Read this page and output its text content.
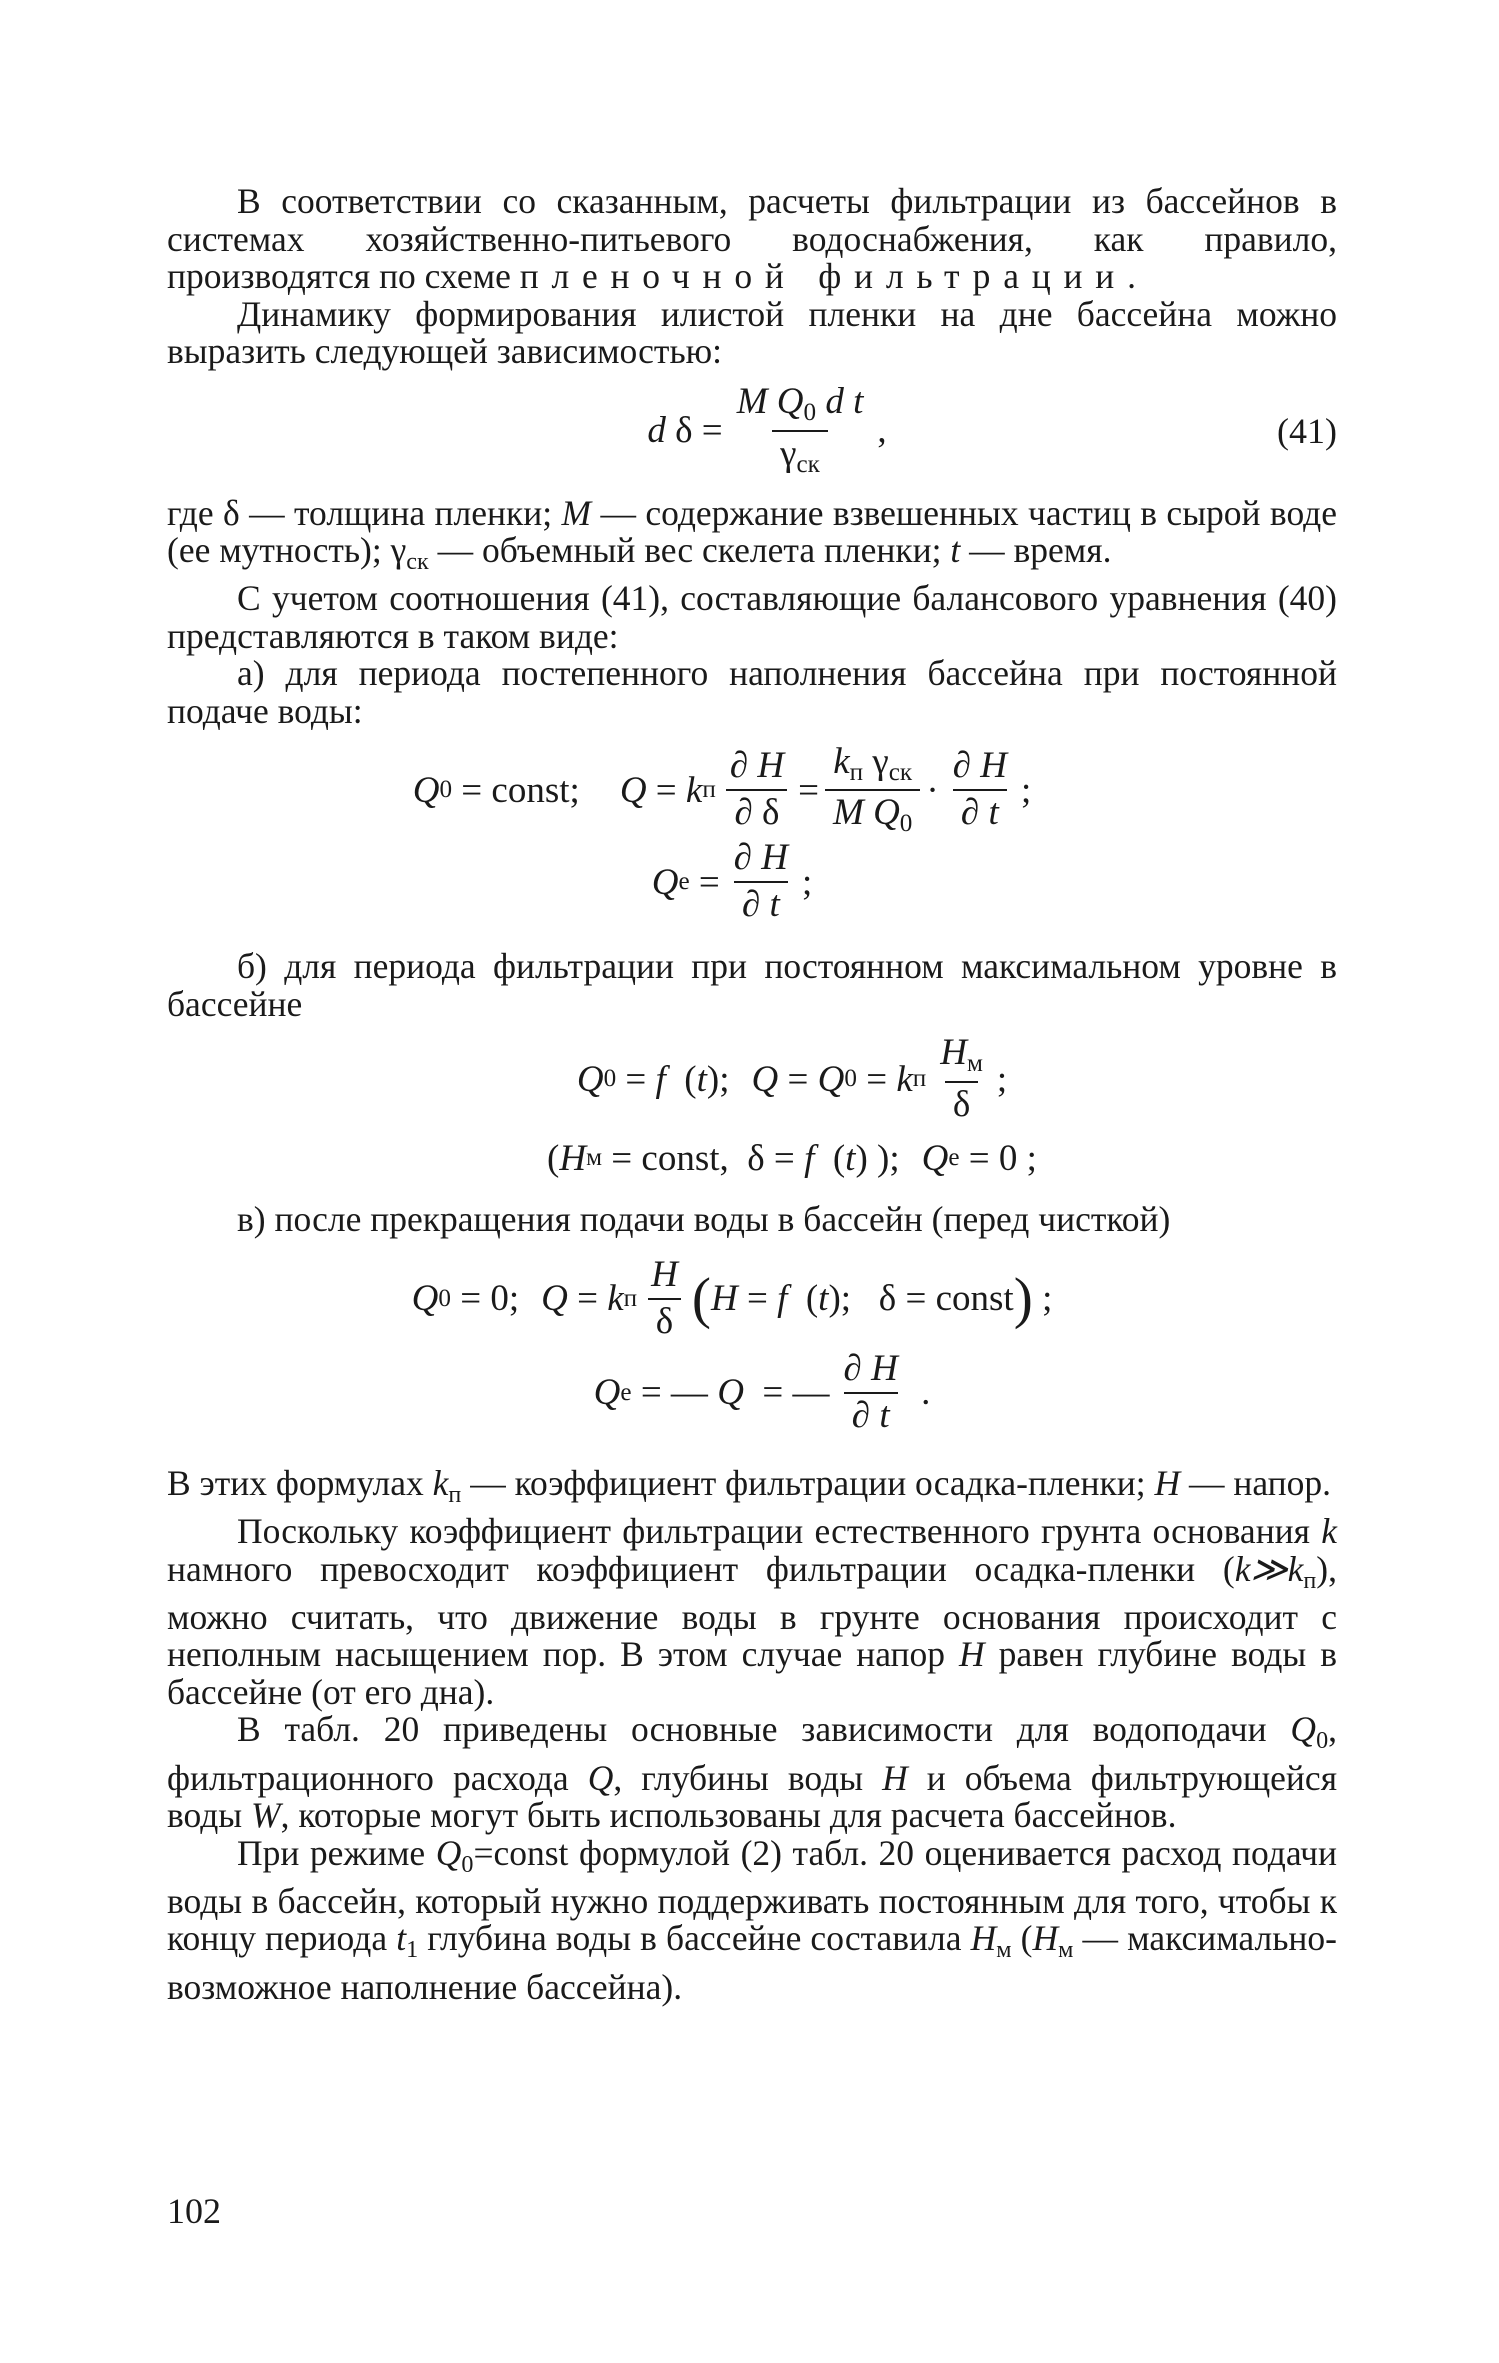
В соответствии со сказанным, расчеты фильтрации из бассейнов в системах хозяйственно-питьевого водоснабжения, как правило, производятся по схеме пленочной фильтрации.

Динамику формирования илистой пленки на дне бассейна можно выразить следующей зависимостью:

d $\delta = \frac{M Q_0 d t}{\gamma_{ск}}$ ,	(41)

где δ — толщина пленки; M — содержание взвешенных частиц в сырой воде (ее мутность); $\gamma_{ск}$ — объемный вес скелета пленки; t — время.

С учетом соотношения (41), составляющие балансового уравнения (40) представляются в таком виде:

а) для периода постепенного наполнения бассейна при постоянной подаче воды:

Q 0 = const; Q = k п $\frac{\partial H}{\partial \delta} = \frac{k_п \gamma_{ск}}{M Q_0} \cdot \frac{\partial H}{\partial t}$ ;
Q $e = \frac{\partial H}{\partial t}$ ;

б) для периода фильтрации при постоянном максимальном уровне в бассейне

Q 0 = f ( t ); Q = Q 0 = k п $\frac{H_м}{\delta}$ ;
( H м = const ,  δ = f ( t ) ); Q e = 0 ;

в) после прекращения подачи воды в бассейн (перед чисткой)

Q 0 = 0; Q = k п $\frac{H}{\delta}$ ( H = f ( t );   δ = const ) ;
Q e = — Q = — $\frac{\partial H}{\partial t}$ .

В этих формулах $k_п$ — коэффициент фильтрации осадка-пленки; H — напор.

Поскольку коэффициент фильтрации естественного грунта основания k намного превосходит коэффициент фильтрации осадка-пленки $(k≫k_п)$, можно считать, что движение воды в грунте основания происходит с неполным насыщением пор. В этом случае напор H равен глубине воды в бассейне (от его дна).

В табл. 20 приведены основные зависимости для водоподачи $Q_0$, фильтрационного расхода Q, глубины воды H и объема фильтрующейся воды W, которые могут быть использованы для расчета бассейнов.

При режиме $Q_0=const$ формулой (2) табл. 20 оценивается расход подачи воды в бассейн, который нужно поддерживать постоянным для того, чтобы к концу периода $t_1$ глубина воды в бассейне составила $H_м$ ($H_м$ — максимально-возможное наполнение бассейна).

102
